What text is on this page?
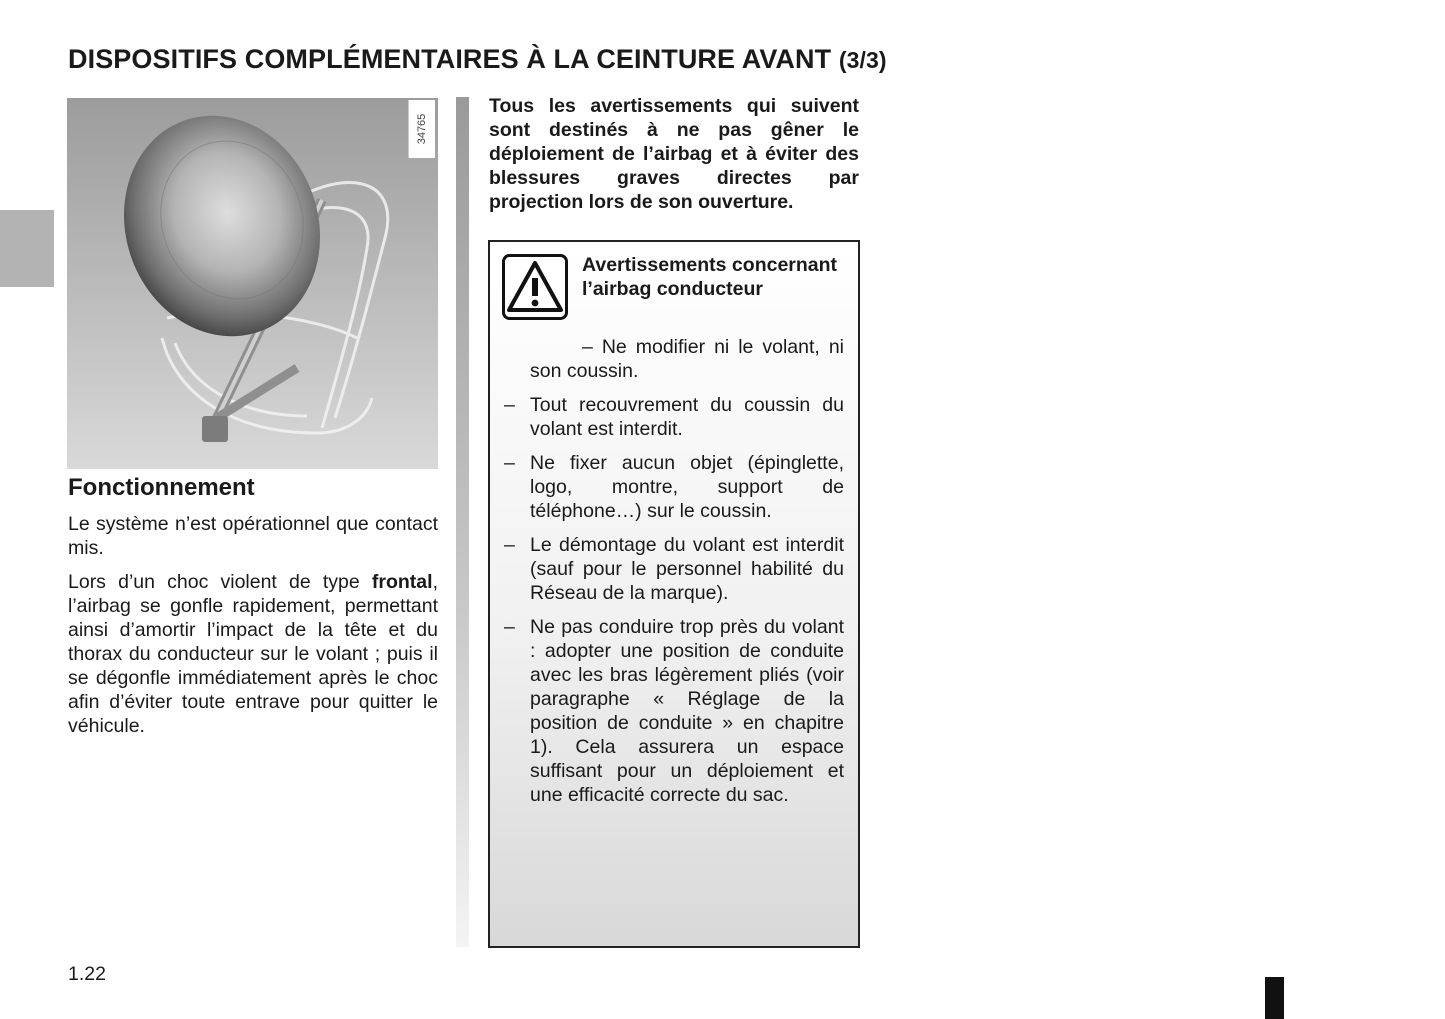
DISPOSITIFS COMPLÉMENTAIRES À LA CEINTURE AVANT (3/3)
34765
Fonctionnement

Le système n’est opérationnel que contact mis.

Lors d’un choc violent de type frontal, l’airbag se gonfle rapidement, permettant ainsi d’amortir l’impact de la tête et du thorax du conducteur sur le volant ; puis il se dégonfle immédiatement après le choc afin d’éviter toute entrave pour quitter le véhicule.

Tous les avertissements qui suivent sont destinés à ne pas gêner le déploiement de l’airbag et à éviter des blessures graves directes par projection lors de son ouverture.
Avertissements concernant l’airbag conducteur
– Ne modifier ni le volant, ni son coussin.
– Tout recouvrement du coussin du volant est interdit.
– Ne fixer aucun objet (épinglette, logo, montre, support de téléphone…) sur le coussin.
– Le démontage du volant est interdit (sauf pour le personnel habilité du Réseau de la marque).
– Ne pas conduire trop près du volant : adopter une position de conduite avec les bras légèrement pliés (voir paragraphe « Réglage de la position de conduite » en chapitre 1). Cela assurera un espace suffisant pour un déploiement et une efficacité correcte du sac.
1.22
